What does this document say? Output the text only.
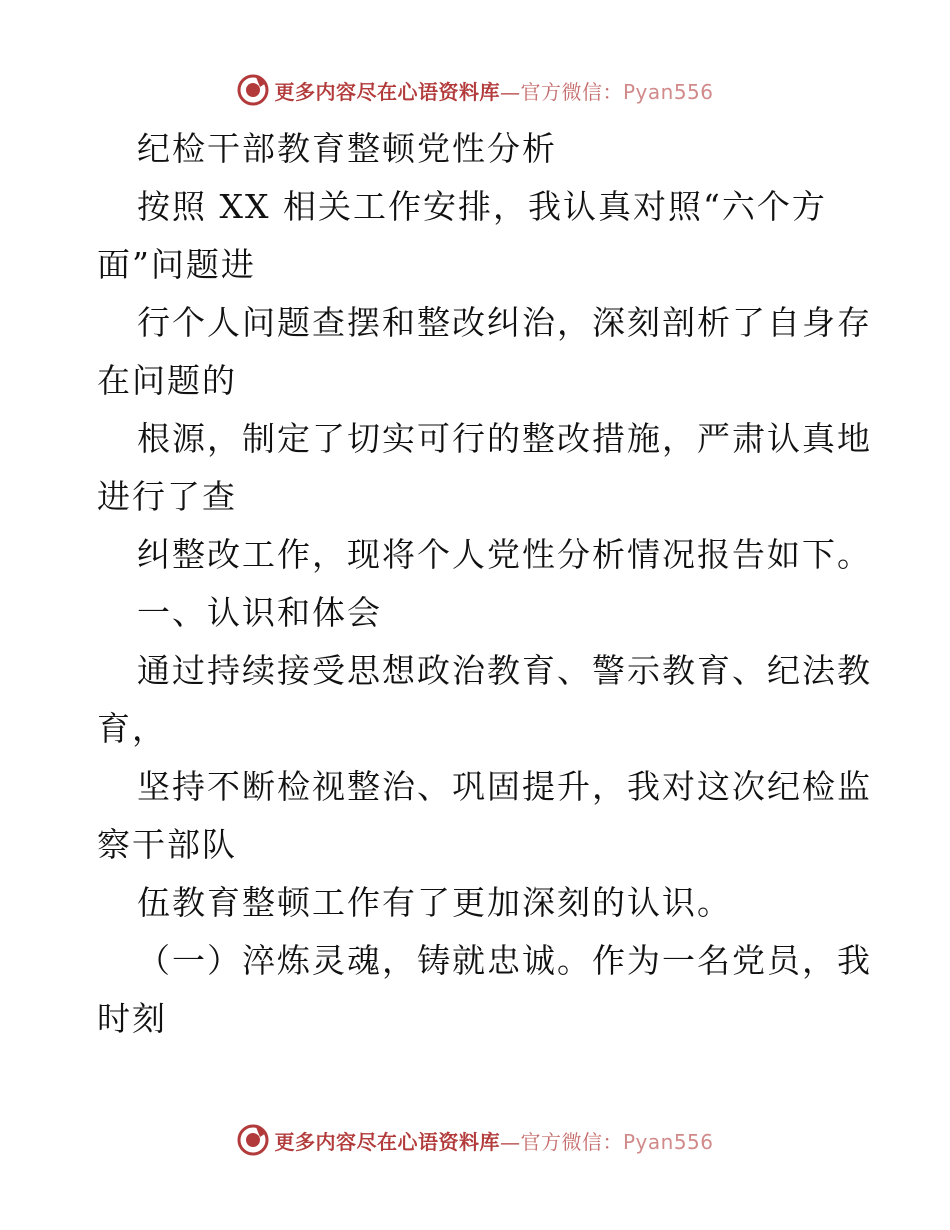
更多内容尽在心语资料库—官方微信：Pyan556
纪检干部教育整顿党性分析
按照 XX 相关工作安排，我认真对照“六个方
面”问题进
行个人问题查摆和整改纠治，深刻剖析了自身存
在问题的
根源，制定了切实可行的整改措施，严肃认真地
进行了查
纠整改工作，现将个人党性分析情况报告如下。
一、认识和体会
通过持续接受思想政治教育、警示教育、纪法教
育，
坚持不断检视整治、巩固提升，我对这次纪检监
察干部队
伍教育整顿工作有了更加深刻的认识。
（一）淬炼灵魂，铸就忠诚。作为一名党员，我
时刻
更多内容尽在心语资料库—官方微信：Pyan556
